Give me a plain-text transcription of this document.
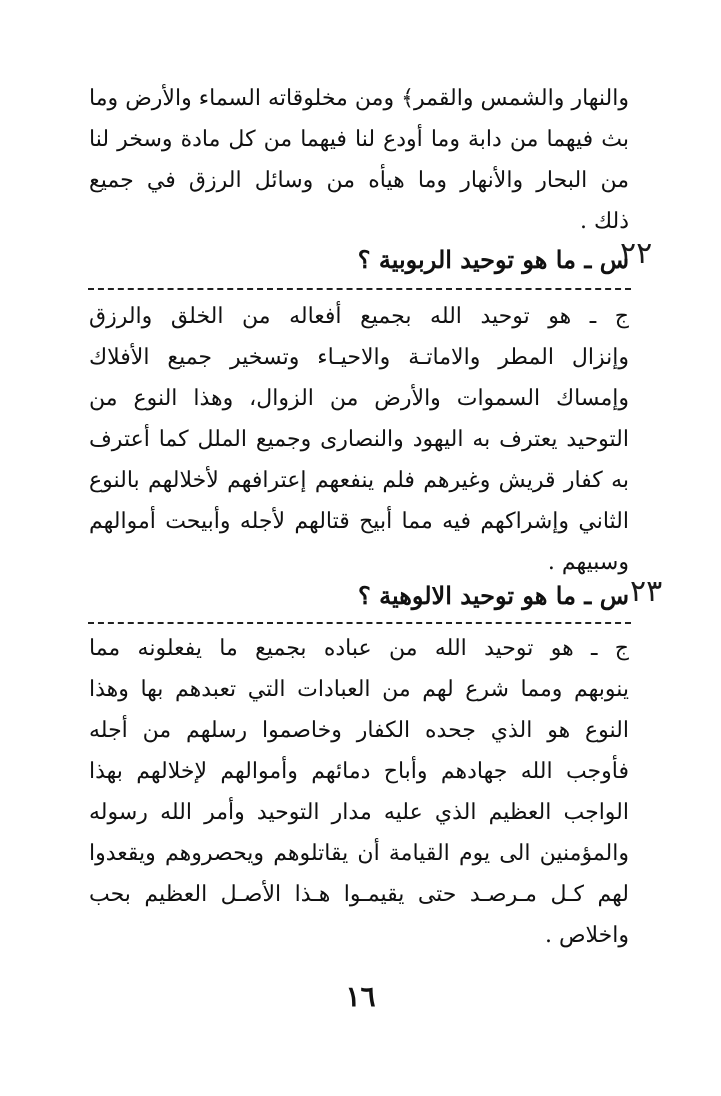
والنهار والشمس والقمر﴾ ومن مخلوقاته السماء والأرض وما
بث فيهما من دابة وما أودع لنا فيهما من كل مادة وسخر لنا
من البحار والأنهار وما هيأه من وسائل الرزق في جميع
ذلك .
٢٢
س ـ ما هو توحيد الربوبية ؟
ج ـ هو توحيد الله بجميع أفعاله من الخلق والرزق
وإنزال المطر والاماتـة والاحيـاء وتسخير جميع الأفلاك
وإمساك السموات والأرض من الزوال، وهذا النوع من
التوحيد يعترف به اليهود والنصارى وجميع الملل كما أعترف
به كفار قريش وغيرهم فلم ينفعهم إعترافهم لأخلالهم بالنوع
الثاني وإشراكهم فيه مما أبيح قتالهم لأجله وأبيحت أموالهم
وسبيهم .
٢٣
س ـ ما هو توحيد الالوهية ؟
ج ـ هو توحيد الله من عباده بجميع ما يفعلونه مما
ينوبهم ومما شرع لهم من العبادات التي تعبدهم بها وهذا
النوع هو الذي جحده الكفار وخاصموا رسلهم من أجله
فأوجب الله جهادهم وأباح دمائهم وأموالهم لإخلالهم بهذا
الواجب العظيم الذي عليه مدار التوحيد وأمر الله رسوله
والمؤمنين الى يوم القيامة أن يقاتلوهم ويحصروهم ويقعدوا
لهم كـل مـرصـد حتى يقيمـوا هـذا الأصـل العظيم بحب
واخلاص .
١٦
